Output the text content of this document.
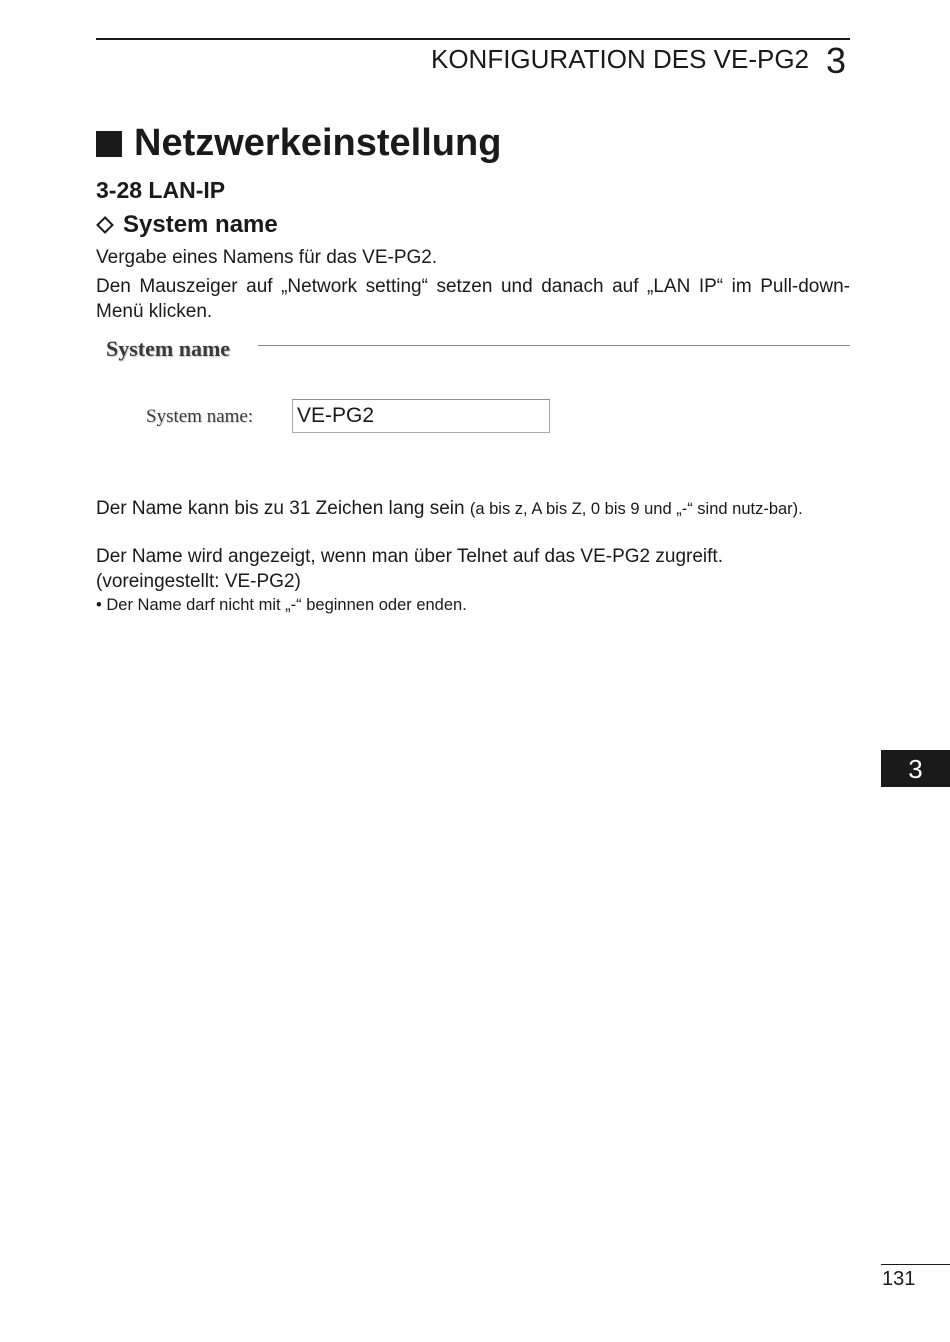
KONFIGURATION DES VE-PG2 3
Netzwerkeinstellung
3-28 LAN-IP
System name
Vergabe eines Namens für das VE-PG2.
Den Mauszeiger auf „Network setting“ setzen und danach auf „LAN IP“ im Pull-down-Menü klicken.
System name
System name: VE-PG2
Der Name kann bis zu 31 Zeichen lang sein (a bis z, A bis Z, 0 bis 9 und „-“ sind nutz-bar).
Der Name wird angezeigt, wenn man über Telnet auf das VE-PG2 zugreift.
(voreingestellt: VE-PG2)
• Der Name darf nicht mit „-“ beginnen oder enden.
3
131
